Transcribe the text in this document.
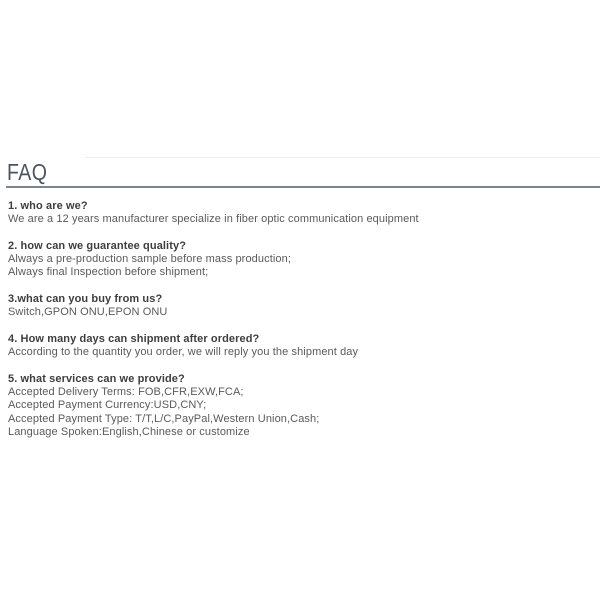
FAQ
1. who are we?
We are a 12 years manufacturer specialize in fiber optic communication equipment
2. how can we guarantee quality?
Always a pre-production sample before mass production;
Always final Inspection before shipment;
3.what can you buy from us?
Switch,GPON ONU,EPON ONU
4. How many days can shipment after ordered?
According to the quantity you order, we will reply you the shipment day
5. what services can we provide?
Accepted Delivery Terms: FOB,CFR,EXW,FCA;
Accepted Payment Currency:USD,CNY;
Accepted Payment Type: T/T,L/C,PayPal,Western Union,Cash;
Language Spoken:English,Chinese or customize
